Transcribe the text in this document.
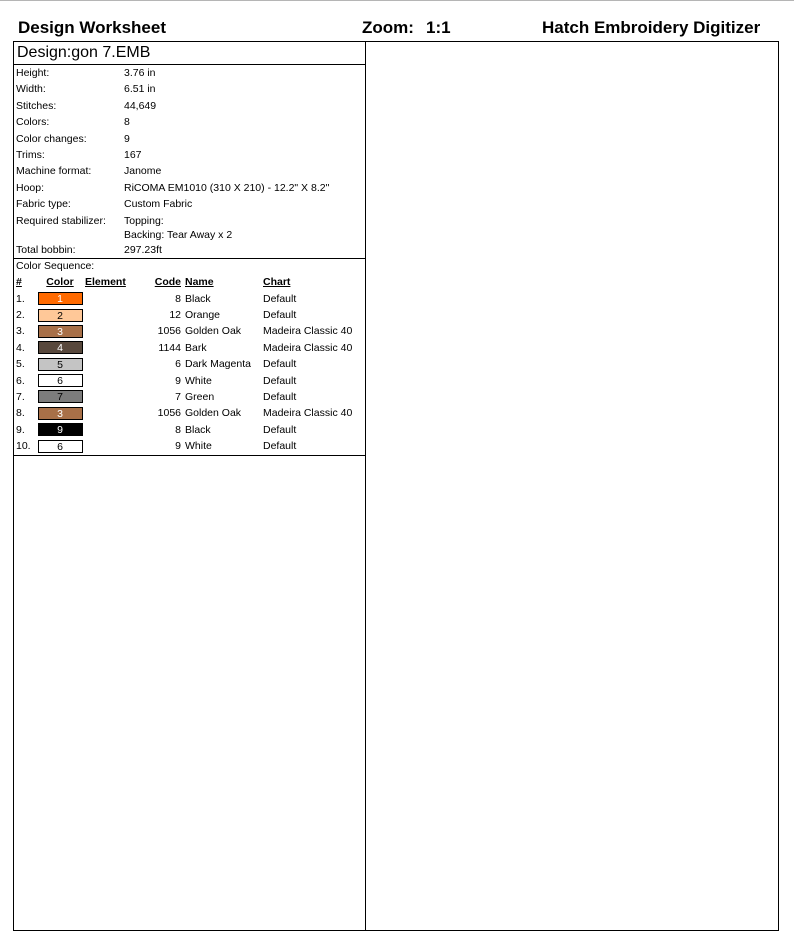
Design Worksheet	Zoom: 1:1	Hatch Embroidery Digitizer
Design:gon 7.EMB
Height:	3.76 in
Width:	6.51 in
Stitches:	44,649
Colors:	8
Color changes:	9
Trims:	167
Machine format:	Janome
Hoop:	RiCOMA EM1010 (310 X 210) - 12.2" X 8.2"
Fabric type:	Custom Fabric
Required stabilizer:	Topping:
Backing: Tear Away x 2
Total bobbin:	297.23ft
Color Sequence:
#	Color Element	Code Name	Chart
1.	1	8 Black	Default
2.	2	12 Orange	Default
3.	3	1056 Golden Oak	Madeira Classic 40
4.	4	1144 Bark	Madeira Classic 40
5.	5	6 Dark Magenta	Default
6.	6	9 White	Default
7.	7	7 Green	Default
8.	3	1056 Golden Oak	Madeira Classic 40
9.	9	8 Black	Default
10.	6	9 White	Default
